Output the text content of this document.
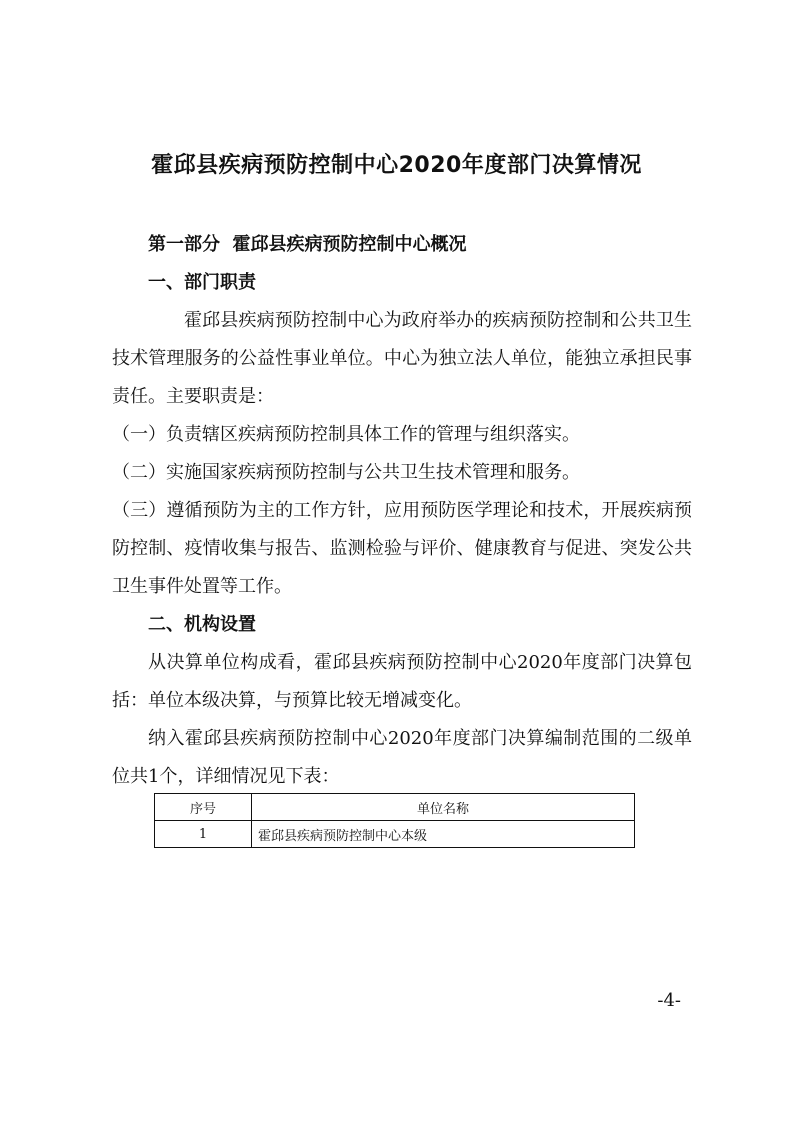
霍邱县疾病预防控制中心2020年度部门决算情况
第一部分  霍邱县疾病预防控制中心概况
一、部门职责

霍邱县疾病预防控制中心为政府举办的疾病预防控制和公共卫生技术管理服务的公益性事业单位。中心为独立法人单位，能独立承担民事责任。主要职责是：

（一）负责辖区疾病预防控制具体工作的管理与组织落实。

（二）实施国家疾病预防控制与公共卫生技术管理和服务。

（三）遵循预防为主的工作方针，应用预防医学理论和技术，开展疾病预防控制、疫情收集与报告、监测检验与评价、健康教育与促进、突发公共卫生事件处置等工作。

二、机构设置

从决算单位构成看，霍邱县疾病预防控制中心2020年度部门决算包括：单位本级决算，与预算比较无增减变化。

纳入霍邱县疾病预防控制中心2020年度部门决算编制范围的二级单位共1个，详细情况见下表：

序号	单位名称
1	霍邱县疾病预防控制中心本级
-4-
